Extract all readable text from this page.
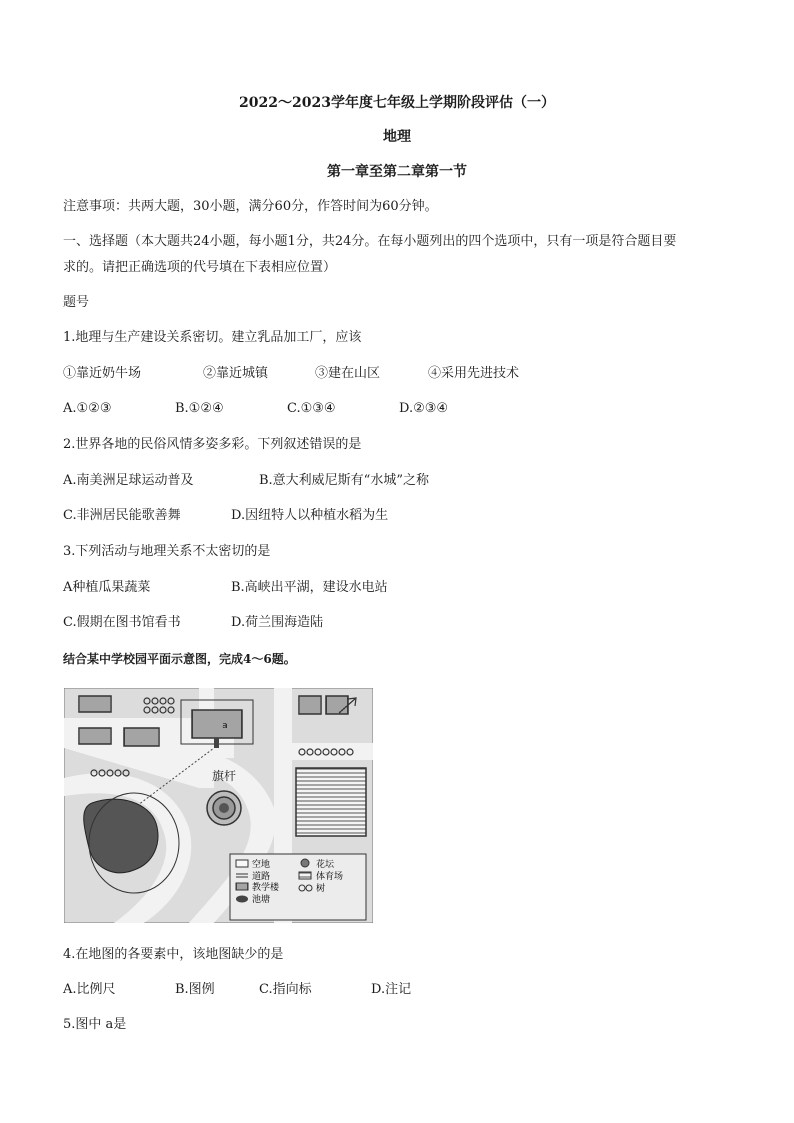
2022～2023学年度七年级上学期阶段评估（一）
地理
第一章至第二章第一节
注意事项：共两大题，30小题，满分60分，作答时间为60分钟。
一、选择题（本大题共24小题，每小题1分，共24分。在每小题列出的四个选项中，只有一项是符合题目要
求的。请把正确选项的代号填在下表相应位置）
题号
1.地理与生产建设关系密切。建立乳品加工厂，应该
①靠近奶牛场	②靠近城镇	③建在山区	④采用先进技术
A.①②③	B.①②④	C.①③④	D.②③④
2.世界各地的民俗风情多姿多彩。下列叙述错误的是
A.南美洲足球运动普及	B.意大利威尼斯有“水城”之称
C.非洲居民能歌善舞	D.因纽特人以种植水稻为生
3.下列活动与地理关系不太密切的是
A种植瓜果蔬菜	B.高峡出平湖，建设水电站
C.假期在图书馆看书	D.荷兰围海造陆
结合某中学校园平面示意图，完成4～6题。
a
旗杆
空地
道路
教学楼
池塘
花坛
体育场
树
4.在地图的各要素中，该地图缺少的是
A.比例尺	B.图例	C.指向标	D.注记
5.图中 a是
